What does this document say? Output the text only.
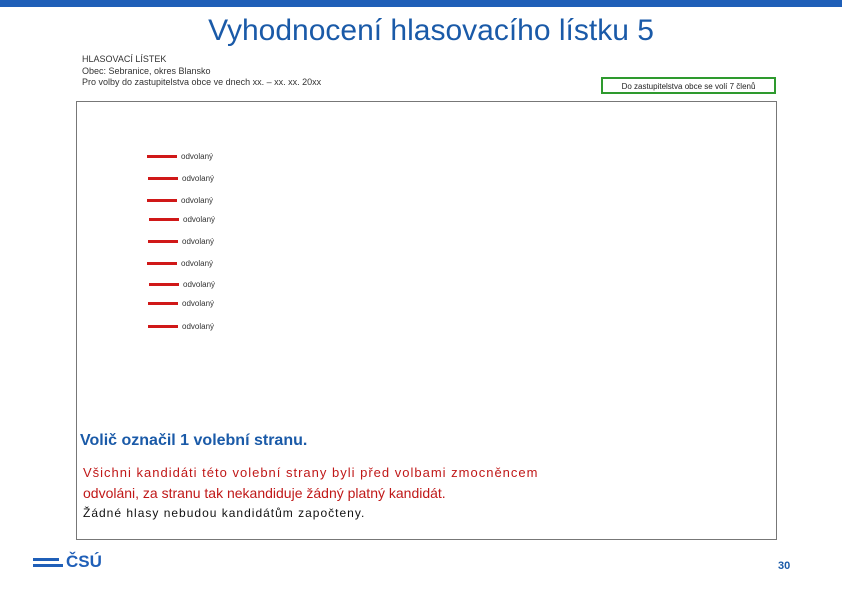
Vyhodnocení hlasovacího lístku 5
HLASOVACÍ LÍSTEK
Obec: Sebranice, okres Blansko
Pro volby do zastupitelstva obce ve dnech xx. – xx. xx. 20xx	Do zastupitelstva obce se volí 7 členů
odvolaný
odvolaný
odvolaný
odvolaný
odvolaný
odvolaný
odvolaný
odvolaný
odvolaný
Volič označil 1 volební stranu.
Všichni kandidáti této volební strany byli před volbami zmocněncem
odvoláni, za stranu tak nekandiduje žádný platný kandidát.
Žádné hlasy nebudou kandidátům započteny.
ČSÚ	30
